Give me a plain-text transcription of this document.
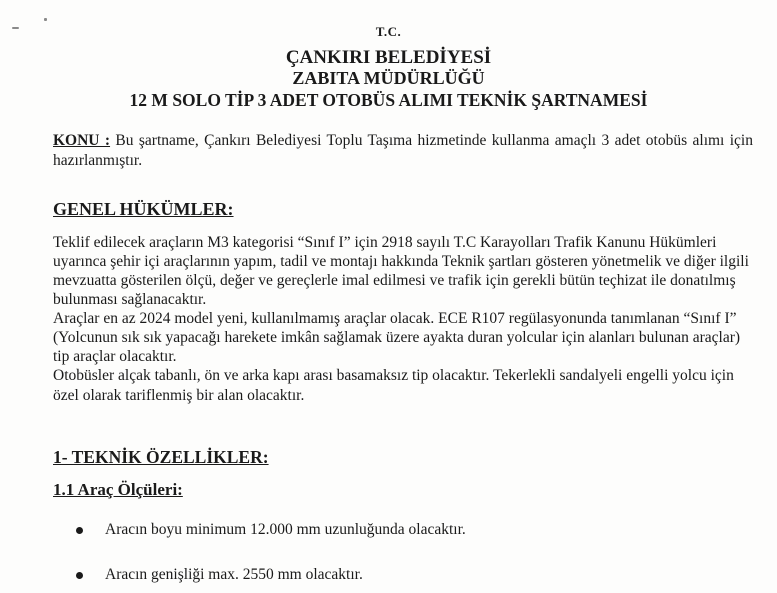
T.C.
ÇANKIRI BELEDİYESİ
ZABITA MÜDÜRLÜĞÜ
12 M SOLO TİP 3 ADET OTOBÜS ALIMI TEKNİK ŞARTNAMESİ
KONU : Bu şartname, Çankırı Belediyesi Toplu Taşıma hizmetinde kullanma amaçlı 3 adet otobüs alımı için hazırlanmıştır.
GENEL HÜKÜMLER:

Teklif edilecek araçların M3 kategorisi “Sınıf I” için 2918 sayılı T.C Karayolları Trafik Kanunu Hükümleri uyarınca şehir içi araçlarının yapım, tadil ve montajı hakkında Teknik şartları gösteren yönetmelik ve diğer ilgili mevzuatta gösterilen ölçü, değer ve gereçlerle imal edilmesi ve trafik için gerekli bütün teçhizat ile donatılmış bulunması sağlanacaktır.

Araçlar en az 2024 model yeni, kullanılmamış araçlar olacak. ECE R107 regülasyonunda tanımlanan “Sınıf I” (Yolcunun sık sık yapacağı harekete imkân sağlamak üzere ayakta duran yolcular için alanları bulunan araçlar) tip araçlar olacaktır.

Otobüsler alçak tabanlı, ön ve arka kapı arası basamaksız tip olacaktır. Tekerlekli sandalyeli engelli yolcu için özel olarak tariflenmiş bir alan olacaktır.

1- TEKNİK ÖZELLİKLER:
1.1 Araç Ölçüleri:
Aracın boyu minimum 12.000 mm uzunluğunda olacaktır.
Aracın genişliği max. 2550 mm olacaktır.
